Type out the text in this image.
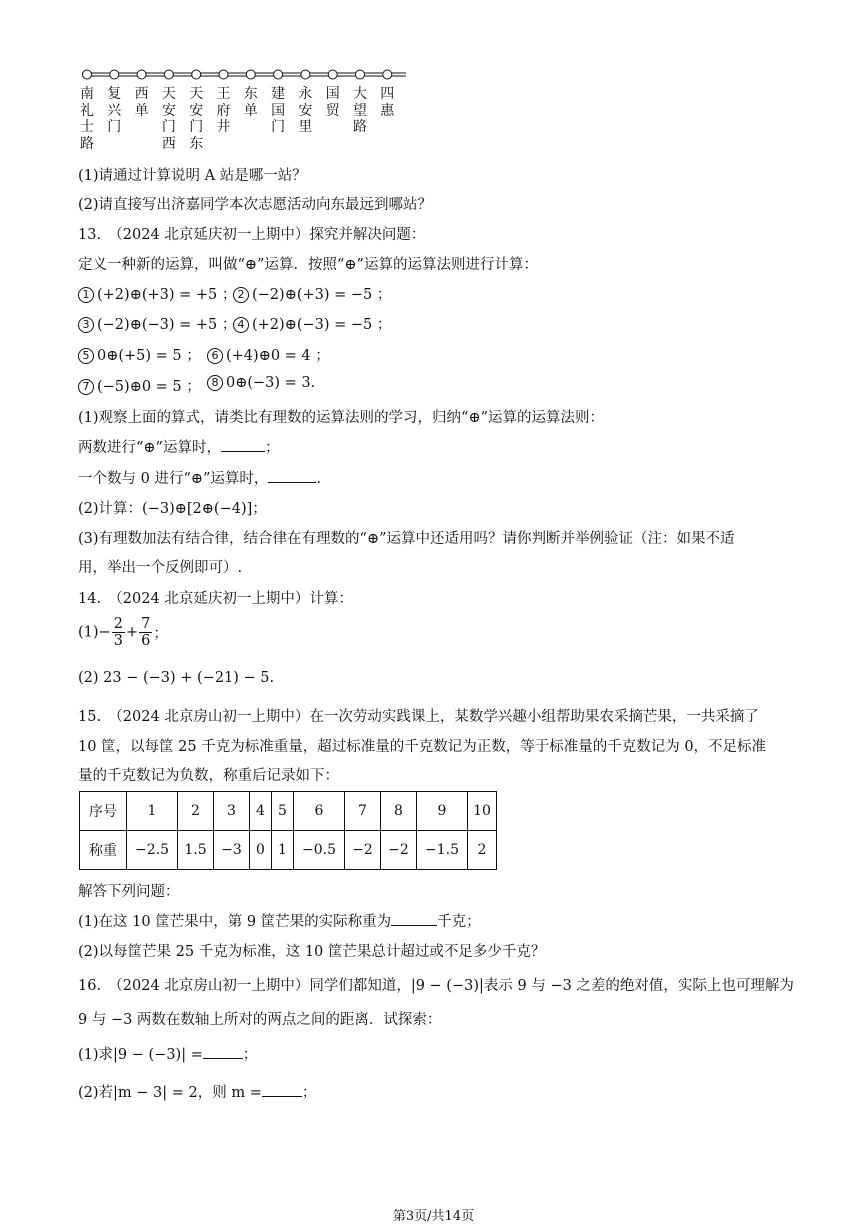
南
礼
士
路
复
兴
门
西
单
天
安
门
西
天
安
门
东
王
府
井
东
单
建
国
门
永
安
里
国
贸
大
望
路
四
惠
(1)请通过计算说明 A 站是哪一站？
(2)请直接写出济嘉同学本次志愿活动向东最远到哪站？
13.　（2024 北京延庆初一上期中）探究并解决问题：
定义一种新的运算，叫做“⊕”运算．按照“⊕”运算的运算法则进行计算：
1 (+2)⊕(+3) = +5 ； 2 (−2)⊕(+3) = −5 ；
3 (−2)⊕(−3) = +5 ； 4 (+2)⊕(−3) = −5 ；
5 0⊕(+5) = 5 ； 6 (+4)⊕0 = 4 ；
7 (−5)⊕0 = 5 ； 8 0⊕(−3) = 3.
(1)观察上面的算式，请类比有理数的运算法则的学习，归纳“⊕”运算的运算法则：
两数进行“⊕”运算时，	；
一个数与 0 进行“⊕”运算时，	.
(2)计算：(−3)⊕[2⊕(−4)]；
(3)有理数加法有结合律，结合律在有理数的“⊕”运算中还适用吗？请你判断并举例验证（注：如果不适
用，举出一个反例即可）.
14.　（2024 北京延庆初一上期中）计算：
$(1)- \frac{2}{3} + \frac{7}{6}$ ；
(2) 23 − (−3) + (−21) − 5.
15.　（2024 北京房山初一上期中）在一次劳动实践课上，某数学兴趣小组帮助果农采摘芒果，一共采摘了
10 筐，以每筐 25 千克为标准重量，超过标准量的千克数记为正数，等于标准量的千克数记为 0，不足标准
量的千克数记为负数，称重后记录如下：
序号	1	2	3	4	5	6	7	8	9	10
称重	−2.5	1.5	−3	0	1	−0.5	−2	−2	−1.5	2
解答下列问题：
(1)在这 10 筐芒果中，第 9 筐芒果的实际称重为	千克；
(2)以每筐芒果 25 千克为标准，这 10 筐芒果总计超过或不足多少千克？
16.　（2024 北京房山初一上期中）同学们都知道，|9 − (−3)|表示 9 与 −3 之差的绝对值，实际上也可理解为
9 与 −3 两数在数轴上所对的两点之间的距离．试探索：
(1)求|9 − (−3)| =	；
(2)若|m − 3| = 2，则 m =	；
第3页/共14页
